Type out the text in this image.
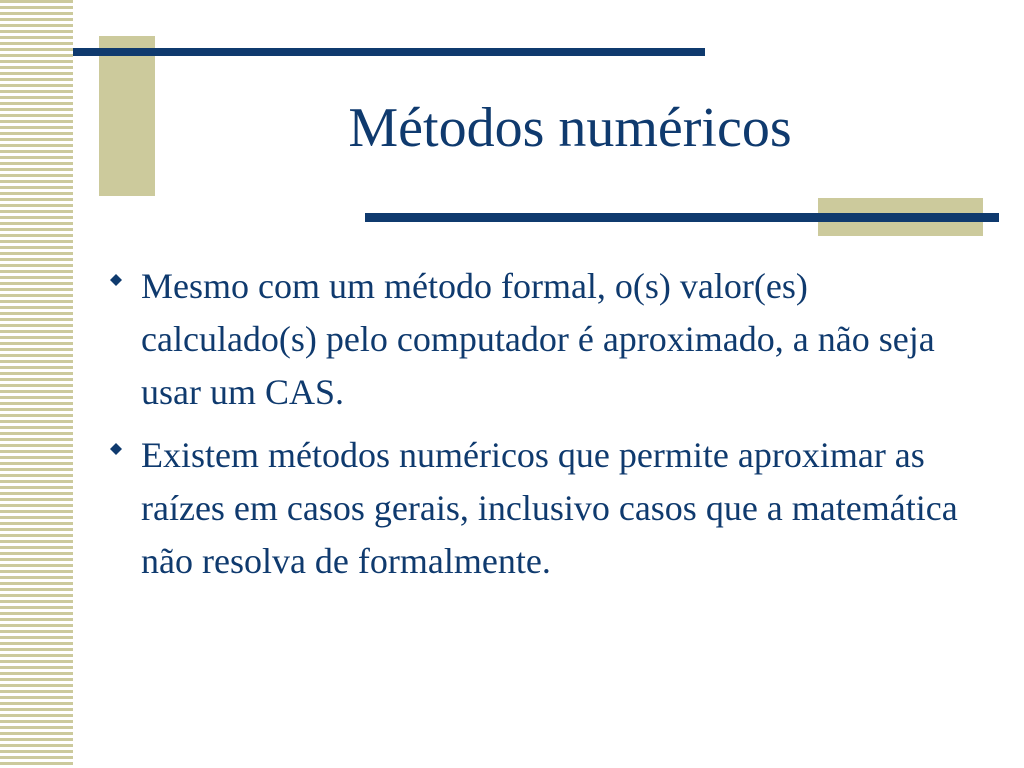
Métodos numéricos
Mesmo com um método formal, o(s) valor(es) calculado(s) pelo computador é aproximado, a não seja usar um CAS.
Existem métodos numéricos que permite aproximar as raízes em casos gerais, inclusivo casos que a matemática não resolva de formalmente.
